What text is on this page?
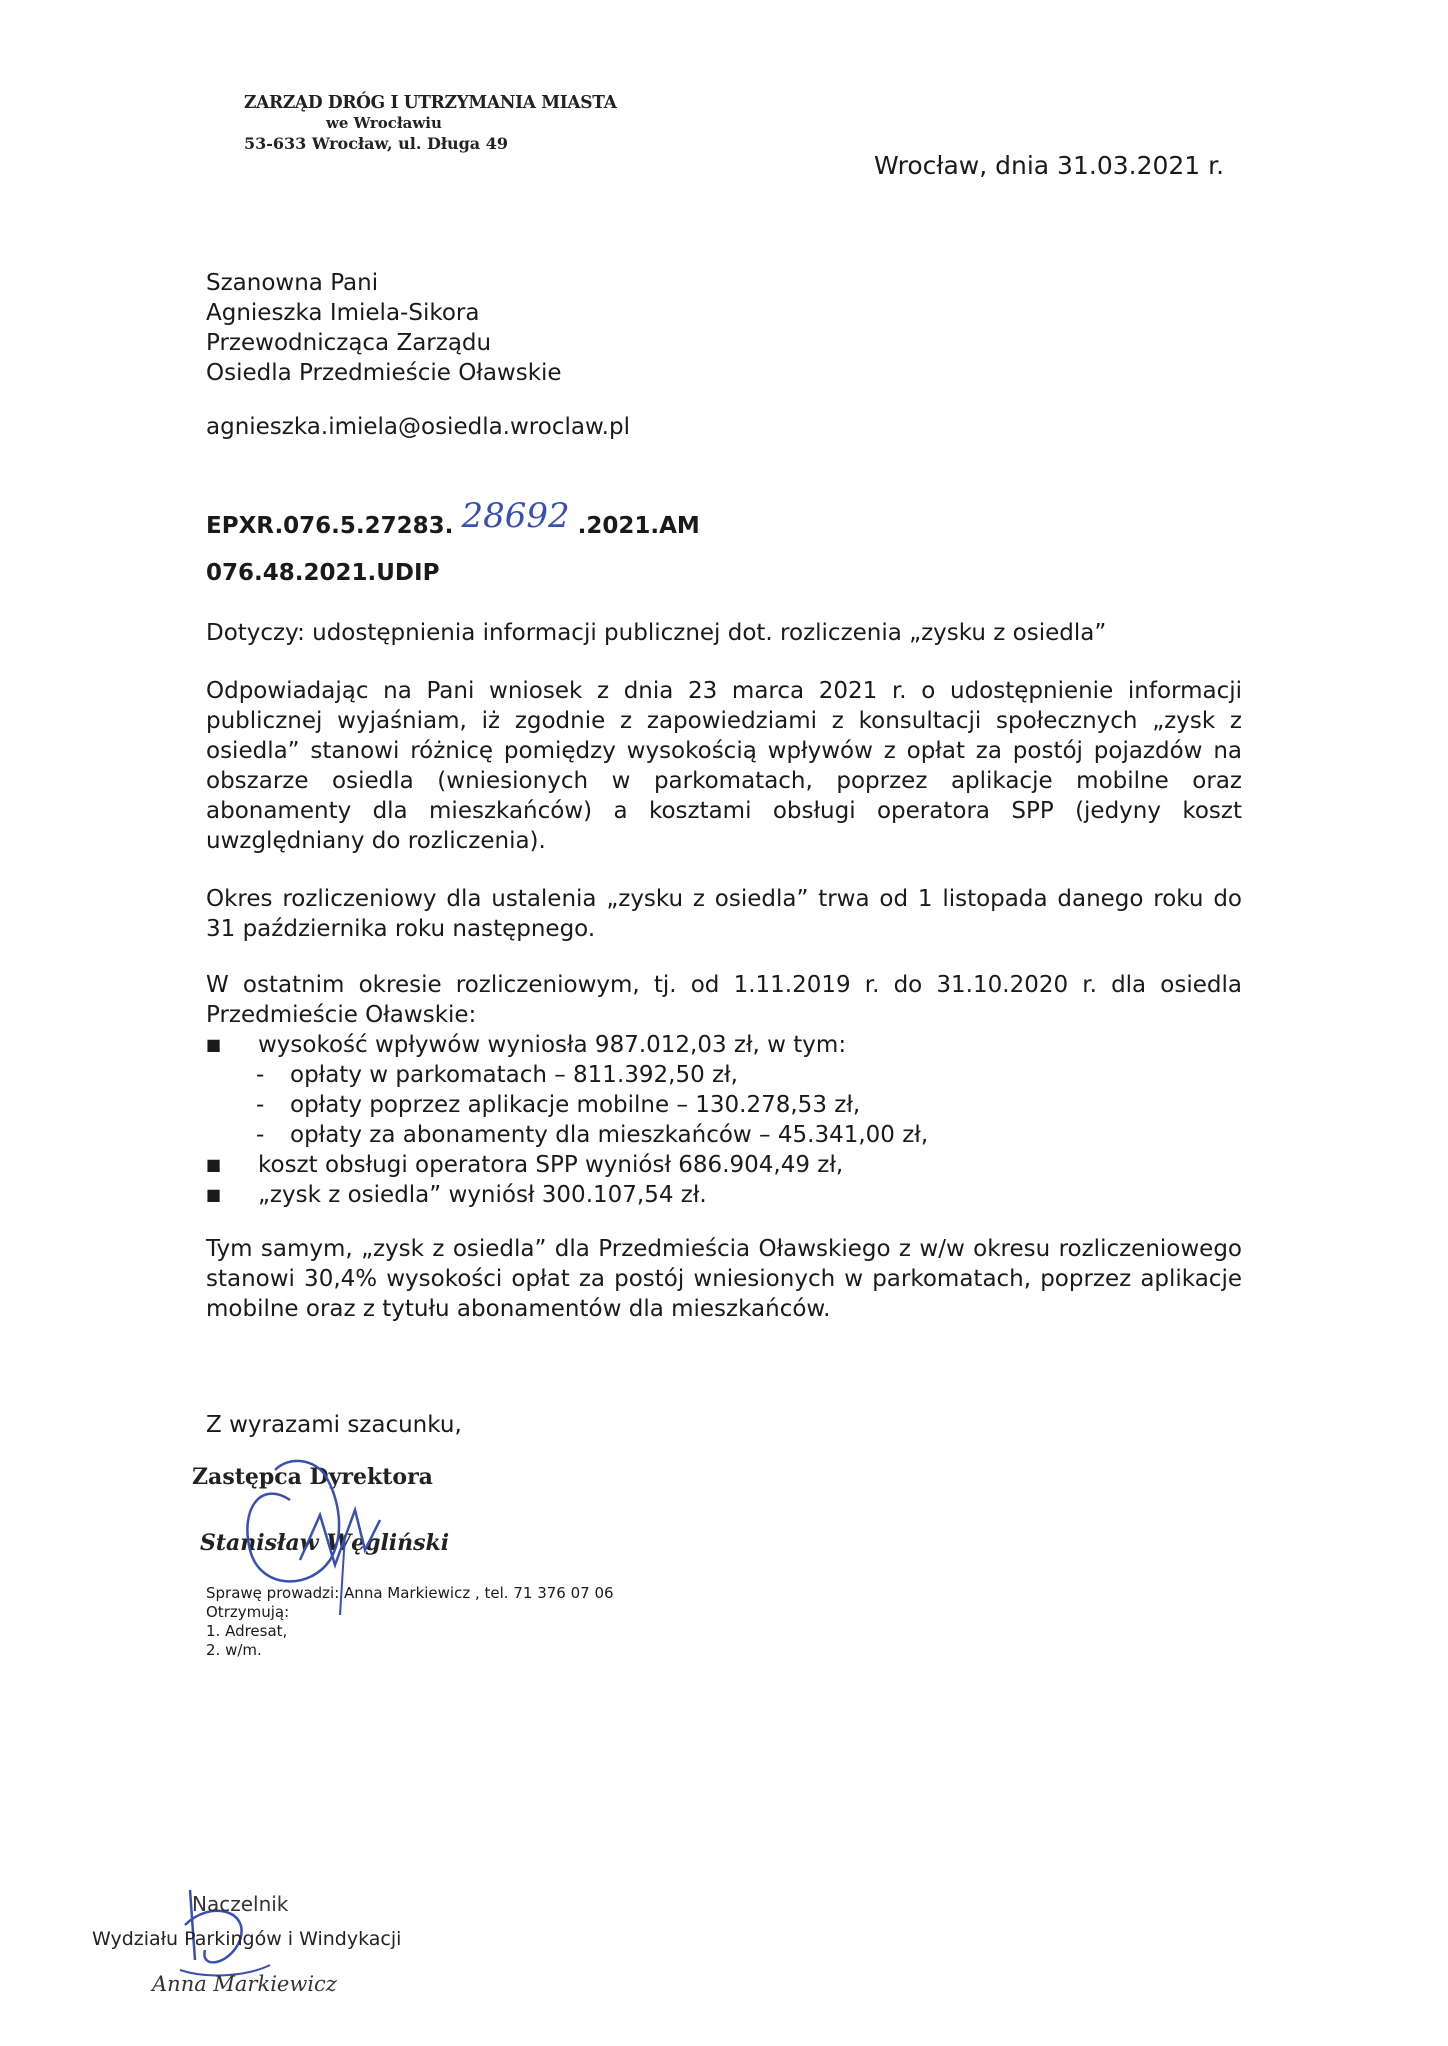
ZARZĄD DRÓG I UTRZYMANIA MIASTA
we Wrocławiu
53-633 Wrocław, ul. Długa 49
Wrocław, dnia 31.03.2021 r.
Szanowna Pani
Agnieszka Imiela-Sikora
Przewodnicząca Zarządu
Osiedla Przedmieście Oławskie
agnieszka.imiela@osiedla.wroclaw.pl
EPXR.076.5.27283. 28692 .2021.AM
076.48.2021.UDIP
Dotyczy: udostępnienia informacji publicznej dot. rozliczenia „zysku z osiedla”
Odpowiadając na Pani wniosek z dnia 23 marca 2021 r. o udostępnienie informacji publicznej wyjaśniam, iż zgodnie z zapowiedziami z konsultacji społecznych „zysk z osiedla” stanowi różnicę pomiędzy wysokością wpływów z opłat za postój pojazdów na obszarze osiedla (wniesionych w parkomatach, poprzez aplikacje mobilne oraz abonamenty dla mieszkańców) a kosztami obsługi operatora SPP (jedyny koszt uwzględniany do rozliczenia).
Okres rozliczeniowy dla ustalenia „zysku z osiedla” trwa od 1 listopada danego roku do 31 października roku następnego.
W ostatnim okresie rozliczeniowym, tj. od 1.11.2019 r. do 31.10.2020 r. dla osiedla Przedmieście Oławskie:
■ wysokość wpływów wyniosła 987.012,03 zł, w tym:
- opłaty w parkomatach – 811.392,50 zł,
- opłaty poprzez aplikacje mobilne – 130.278,53 zł,
- opłaty za abonamenty dla mieszkańców – 45.341,00 zł,
■ koszt obsługi operatora SPP wyniósł 686.904,49 zł,
■ „zysk z osiedla” wyniósł 300.107,54 zł.
Tym samym, „zysk z osiedla” dla Przedmieścia Oławskiego z w/w okresu rozliczeniowego stanowi 30,4% wysokości opłat za postój wniesionych w parkomatach, poprzez aplikacje mobilne oraz z tytułu abonamentów dla mieszkańców.
Z wyrazami szacunku,
Zastępca Dyrektora
Stanisław Węgliński
Sprawę prowadzi: Anna Markiewicz , tel. 71 376 07 06
Otrzymują:
1. Adresat,
2. w/m.
Naczelnik
Wydziału Parkingów i Windykacji
Anna Markiewicz
